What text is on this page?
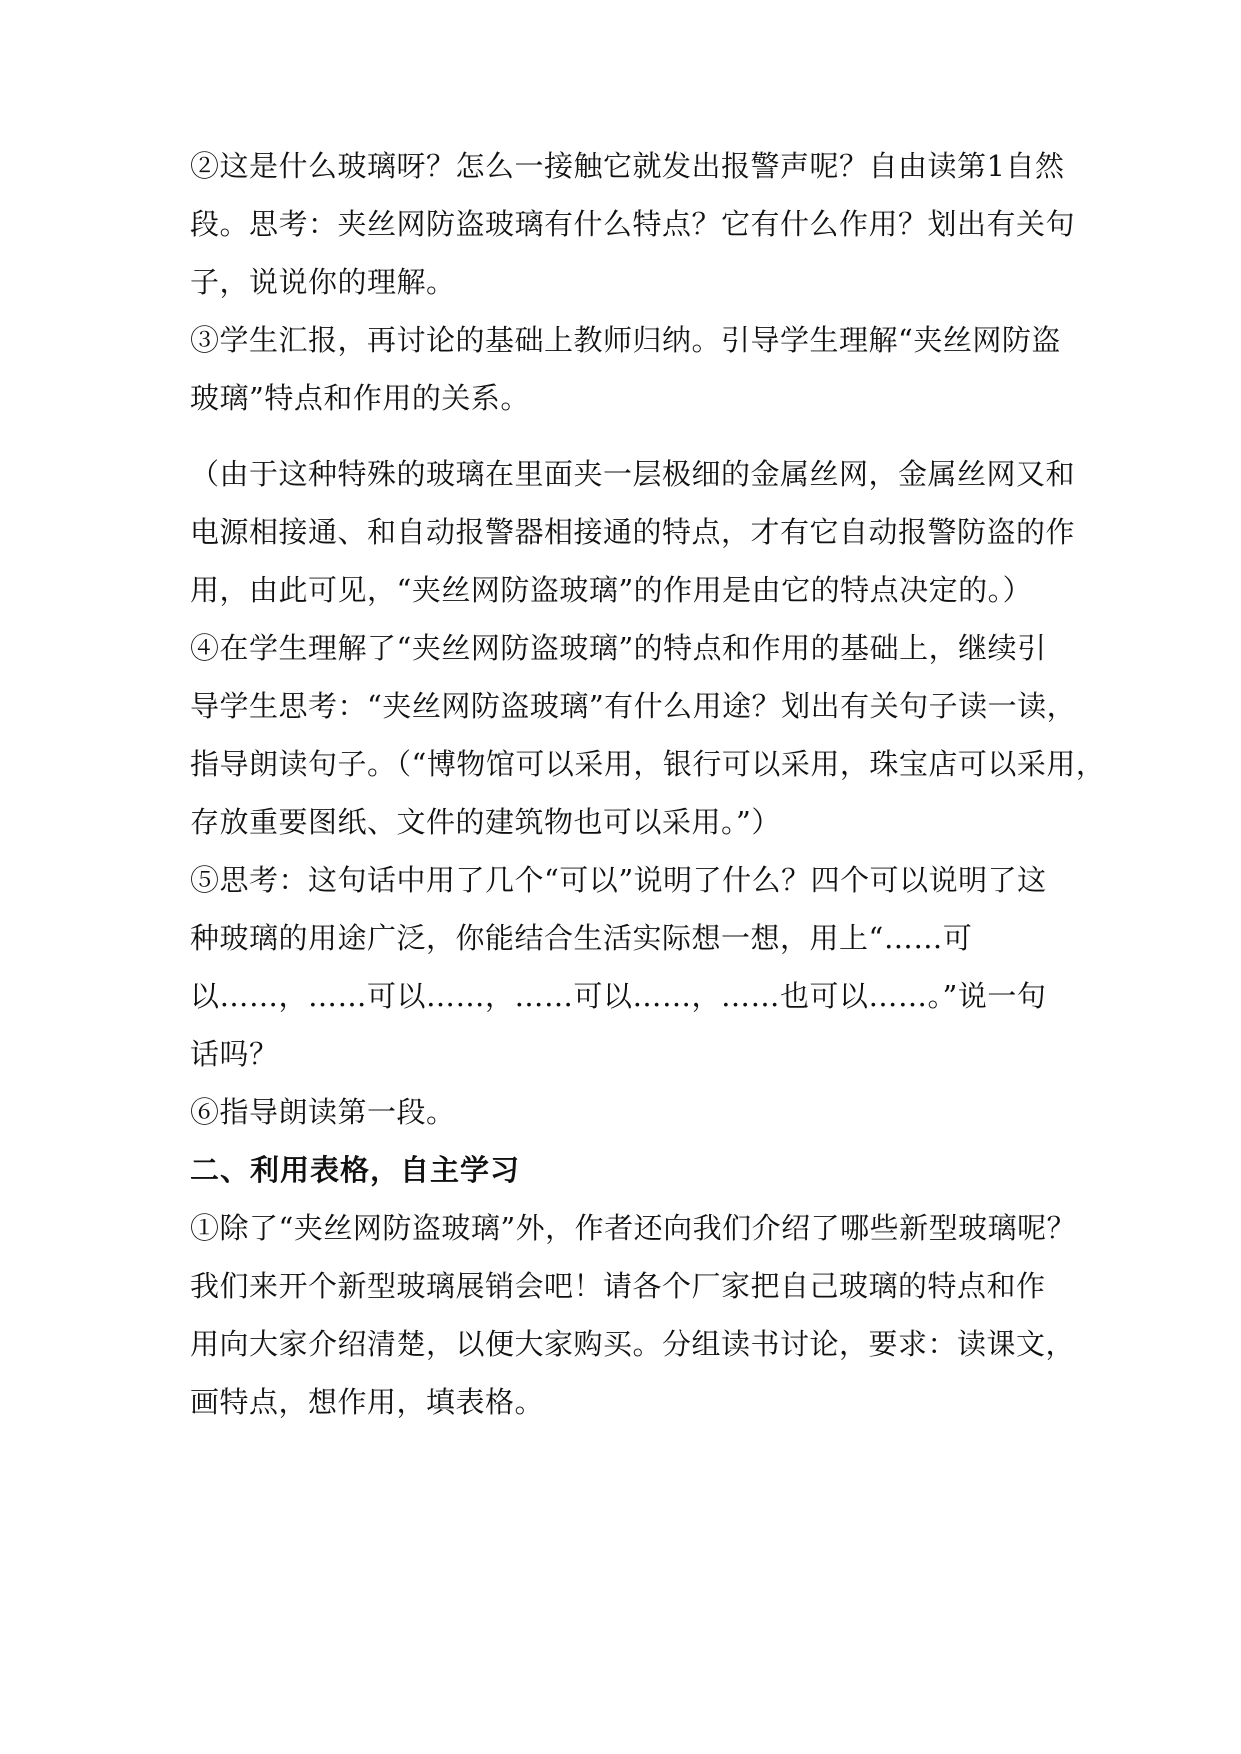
②这是什么玻璃呀？怎么一接触它就发出报警声呢？自由读第1自然
段。思考：夹丝网防盗玻璃有什么特点？它有什么作用？划出有关句
子，说说你的理解。
③学生汇报，再讨论的基础上教师归纳。引导学生理解“夹丝网防盗
玻璃”特点和作用的关系。
（由于这种特殊的玻璃在里面夹一层极细的金属丝网，金属丝网又和
电源相接通、和自动报警器相接通的特点，才有它自动报警防盗的作
用，由此可见，“夹丝网防盗玻璃”的作用是由它的特点决定的。）
④在学生理解了“夹丝网防盗玻璃”的特点和作用的基础上，继续引
导学生思考：“夹丝网防盗玻璃”有什么用途？划出有关句子读一读，
指导朗读句子。（“博物馆可以采用，银行可以采用，珠宝店可以采用，
存放重要图纸、文件的建筑物也可以采用。”）
⑤思考：这句话中用了几个“可以”说明了什么？四个可以说明了这
种玻璃的用途广泛，你能结合生活实际想一想，用上“……可
以……，……可以……，……可以……，……也可以……。”说一句
话吗？
⑥指导朗读第一段。
二、利用表格，自主学习
①除了“夹丝网防盗玻璃”外，作者还向我们介绍了哪些新型玻璃呢？
我们来开个新型玻璃展销会吧！请各个厂家把自己玻璃的特点和作
用向大家介绍清楚，以便大家购买。分组读书讨论，要求：读课文，
画特点，想作用，填表格。
